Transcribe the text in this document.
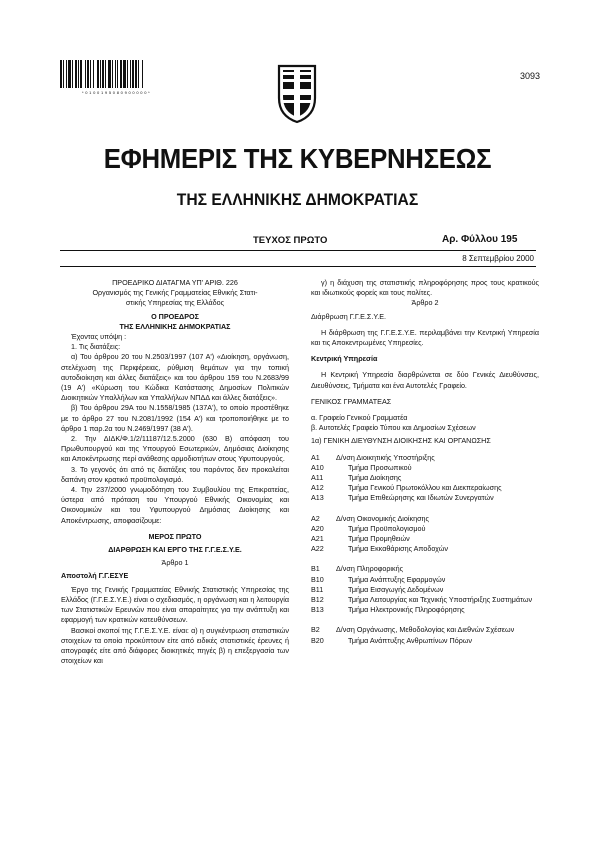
* 0 1 0 0 1 9 5 0 8 0 9 0 0 0 0 0 *
3093
ΕΦΗΜΕΡΙΣ ΤΗΣ ΚΥΒΕΡΝΗΣΕΩΣ
ΤΗΣ ΕΛΛΗΝΙΚΗΣ ΔΗΜΟΚΡΑΤΙΑΣ
ΤΕΥΧΟΣ ΠΡΩΤΟ	Αρ. Φύλλου 195
8 Σεπτεμβρίου 2000

ΠΡΟΕΔΡΙΚΟ ΔΙΑΤΑΓΜΑ ΥΠ' ΑΡΙΘ. 226

Οργανισμός της Γενικής Γραμματείας Εθνικής Στατι-

στικής Υπηρεσίας της Ελλάδος

Ο ΠΡΟΕΔΡΟΣ

ΤΗΣ ΕΛΛΗΝΙΚΗΣ ΔΗΜΟΚΡΑΤΙΑΣ

Έχοντας υπόψη :

1. Τις διατάξεις:

α) Του άρθρου 20 του Ν.2503/1997 (107 Α') «Διοίκηση, οργάνωση, στελέχωση της Περιφέρειας, ρύθμιση θεμάτων για την τοπική αυτοδιοίκηση και άλλες διατάξεις» και του άρθρου 159 του Ν.2683/99 (19 Α') «Κύρωση του Κώδικα Κατάστασης Δημοσίων Πολιτικών Διοικητικών Υπαλλήλων και Υπαλλήλων ΝΠΔΔ και άλλες διατάξεις».

β) Του άρθρου 29Α του Ν.1558/1985 (137Α'), το οποίο προστέθηκε με το άρθρο 27 του Ν.2081/1992 (154 Α') και τροποποιήθηκε με το άρθρο 1 παρ.2α του Ν.2469/1997 (38 Α').

2. Την ΔΙΔΚ/Φ.1/2/11187/12.5.2000 (630 Β) απόφαση του Πρωθυπουργού και της Υπουργού Εσωτερικών, Δημόσιας Διοίκησης και Αποκέντρωσης περί ανάθεσης αρμοδιοτήτων στους Υφυπουργούς.

3. Το γεγονός ότι από τις διατάξεις του παρόντος δεν προκαλείται δαπάνη στον κρατικό προϋπολογισμό.

4. Την 237/2000 γνωμοδότηση του Συμβουλίου της Επικρατείας, ύστερα από πρόταση του Υπουργού Εθνικής Οικονομίας και Οικονομικών και του Υφυπουργού Δημόσιας Διοίκησης και Αποκέντρωσης, αποφασίζουμε:

ΜΕΡΟΣ ΠΡΩΤΟ

ΔΙΑΡΘΡΩΣΗ ΚΑΙ ΕΡΓΟ ΤΗΣ Γ.Γ.Ε.Σ.Υ.Ε.

Άρθρο 1

Αποστολή Γ.Γ.ΕΣΥΕ

Έργο της Γενικής Γραμματείας Εθνικής Στατιστικής Υπηρεσίας της Ελλάδος (Γ.Γ.Ε.Σ.Υ.Ε.) είναι ο σχεδιασμός, η οργάνωση και η λειτουργία των Στατιστικών Ερευνών που είναι απαραίτητες για την ανάπτυξη και εφαρμογή των κρατικών κατευθύνσεων.

Βασικοί σκοποί της Γ.Γ.Ε.Σ.Υ.Ε. είναι: α) η συγκέντρωση στατιστικών στοιχείων τα οποία προκύπτουν είτε από ειδικές στατιστικές έρευνες ή απογραφές είτε από διάφορες διοικητικές πηγές β) η επεξεργασία των στοιχείων και

γ) η διάχυση της στατιστικής πληροφόρησης προς τους κρατικούς και ιδιωτικούς φορείς και τους πολίτες.

Άρθρο 2

Διάρθρωση Γ.Γ.Ε.Σ.Υ.Ε.

Η διάρθρωση της Γ.Γ.Ε.Σ.Υ.Ε. περιλαμβάνει την Κεντρική Υπηρεσία και τις Αποκεντρωμένες Υπηρεσίες.

Κεντρική Υπηρεσία

Η Κεντρική Υπηρεσία διαρθρώνεται σε δύο Γενικές Διευθύνσεις, Διευθύνσεις, Τμήματα και ένα Αυτοτελές Γραφείο.

ΓΕΝΙΚΟΣ ΓΡΑΜΜΑΤΕΑΣ

α. Γραφείο Γενικού Γραμματέα

β. Αυτοτελές Γραφείο Τύπου και Δημοσίων Σχέσεων

1α) ΓΕΝΙΚΗ ΔΙΕΥΘΥΝΣΗ ΔΙΟΙΚΗΣΗΣ ΚΑΙ ΟΡΓΑΝΩΣΗΣ

Α1	Δ/νση Διοικητικής Υποστήριξης
Α10	Τμήμα Προσωπικού
Α11	Τμήμα Διοίκησης
Α12	Τμήμα Γενικού Πρωτοκόλλου και Διεκπεραίωσης
Α13	Τμήμα Επιθεώρησης και Ιδιωτών Συνεργατών
Α2	Δ/νση Οικονομικής Διοίκησης
Α20	Τμήμα Προϋπολογισμού
Α21	Τμήμα Προμηθειών
Α22	Τμήμα Εκκαθάρισης Αποδοχών
Β1	Δ/νση Πληροφορικής
Β10	Τμήμα Ανάπτυξης Εφαρμογών
Β11	Τμήμα Εισαγωγής Δεδομένων
Β12	Τμήμα Λειτουργίας και Τεχνικής Υποστήριξης Συστημάτων
Β13	Τμήμα Ηλεκτρονικής Πληροφόρησης
Β2	Δ/νση Οργάνωσης, Μεθοδολογίας και Διεθνών Σχέσεων
Β20	Τμήμα Ανάπτυξης Ανθρωπίνων Πόρων
